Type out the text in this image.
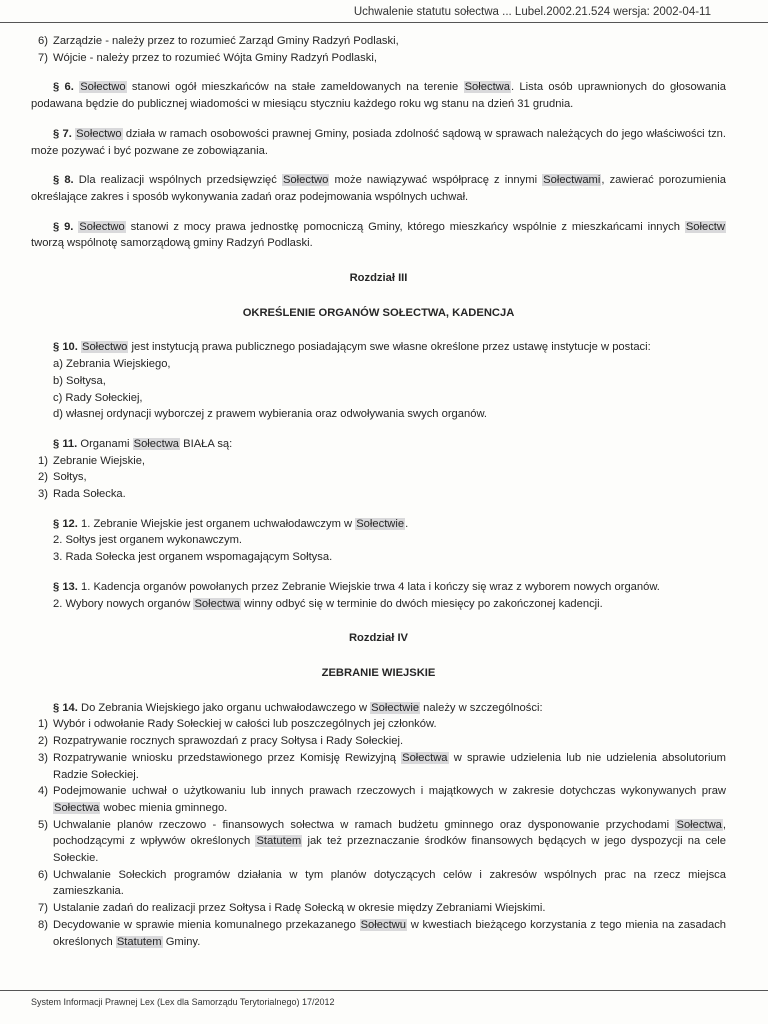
Uchwalenie statutu sołectwa ... Lubel.2002.21.524 wersja: 2002-04-11
6) Zarządzie - należy przez to rozumieć Zarząd Gminy Radzyń Podlaski,
7) Wójcie - należy przez to rozumieć Wójta Gminy Radzyń Podlaski,

§ 6. Sołectwo stanowi ogół mieszkańców na stałe zameldowanych na terenie Sołectwa. Lista osób uprawnionych do głosowania podawana będzie do publicznej wiadomości w miesiącu styczniu każdego roku wg stanu na dzień 31 grudnia.

§ 7. Sołectwo działa w ramach osobowości prawnej Gminy, posiada zdolność sądową w sprawach należących do jego właściwości tzn. może pozywać i być pozwane ze zobowiązania.

§ 8. Dla realizacji wspólnych przedsięwzięć Sołectwo może nawiązywać współpracę z innymi Sołectwami, zawierać porozumienia określające zakres i sposób wykonywania zadań oraz podejmowania wspólnych uchwał.

§ 9. Sołectwo stanowi z mocy prawa jednostkę pomocniczą Gminy, którego mieszkańcy wspólnie z mieszkańcami innych Sołectw tworzą wspólnotę samorządową gminy Radzyń Podlaski.

Rozdział III

OKREŚLENIE ORGANÓW SOŁECTWA, KADENCJA

§ 10. Sołectwo jest instytucją prawa publicznego posiadającym swe własne określone przez ustawę instytucje w postaci:

a) Zebrania Wiejskiego,

b) Sołtysa,

c) Rady Sołeckiej,

d) własnej ordynacji wyborczej z prawem wybierania oraz odwoływania swych organów.

§ 11. Organami Sołectwa BIAŁA są:

1) Zebranie Wiejskie,
2) Sołtys,
3) Rada Sołecka.

§ 12. 1. Zebranie Wiejskie jest organem uchwałodawczym w Sołectwie.

2. Sołtys jest organem wykonawczym.

3. Rada Sołecka jest organem wspomagającym Sołtysa.

§ 13. 1. Kadencja organów powołanych przez Zebranie Wiejskie trwa 4 lata i kończy się wraz z wyborem nowych organów.

2. Wybory nowych organów Sołectwa winny odbyć się w terminie do dwóch miesięcy po zakończonej kadencji.

Rozdział IV

ZEBRANIE WIEJSKIE

§ 14. Do Zebrania Wiejskiego jako organu uchwałodawczego w Sołectwie należy w szczególności:

1) Wybór i odwołanie Rady Sołeckiej w całości lub poszczególnych jej członków.
2) Rozpatrywanie rocznych sprawozdań z pracy Sołtysa i Rady Sołeckiej.
3) Rozpatrywanie wniosku przedstawionego przez Komisję Rewizyjną Sołectwa w sprawie udzielenia lub nie udzielenia absolutorium Radzie Sołeckiej.
4) Podejmowanie uchwał o użytkowaniu lub innych prawach rzeczowych i majątkowych w zakresie dotychczas wykonywanych praw Sołectwa wobec mienia gminnego.
5) Uchwalanie planów rzeczowo - finansowych sołectwa w ramach budżetu gminnego oraz dysponowanie przychodami Sołectwa, pochodzącymi z wpływów określonych Statutem jak też przeznaczanie środków finansowych będących w jego dyspozycji na cele Sołeckie.
6) Uchwalanie Sołeckich programów działania w tym planów dotyczących celów i zakresów wspólnych prac na rzecz miejsca zamieszkania.
7) Ustalanie zadań do realizacji przez Sołtysa i Radę Sołecką w okresie między Zebraniami Wiejskimi.
8) Decydowanie w sprawie mienia komunalnego przekazanego Sołectwu w kwestiach bieżącego korzystania z tego mienia na zasadach określonych Statutem Gminy.
System Informacji Prawnej Lex (Lex dla Samorządu Terytorialnego) 17/2012
